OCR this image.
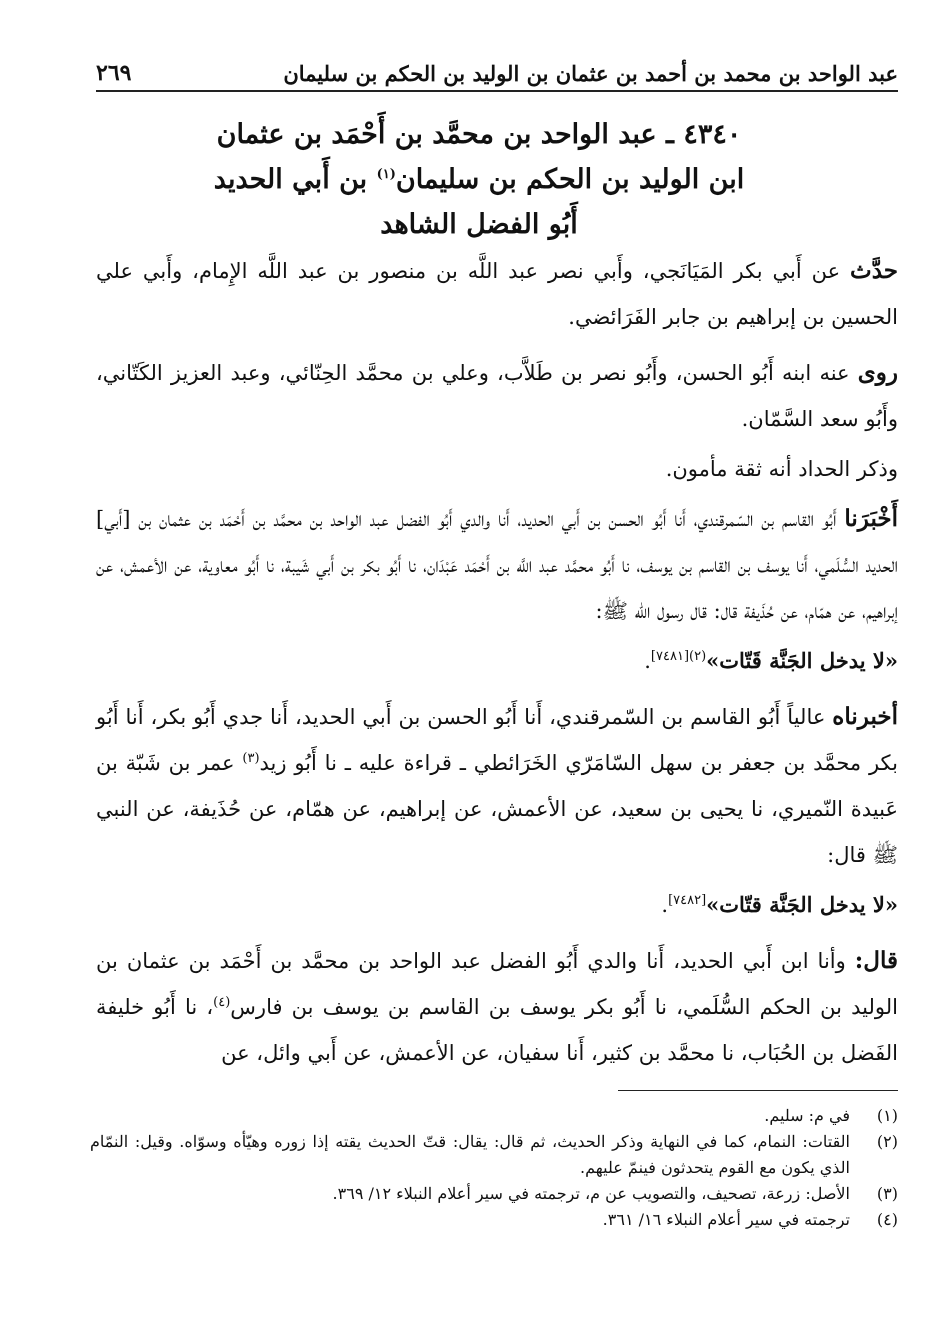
عبد الواحد بن محمد بن أحمد بن عثمان بن الوليد بن الحكم بن سليمان
٢٦٩
٤٣٤٠ ـ عبد الواحد بن محمَّد بن أَحْمَد بن عثمان
ابن الوليد بن الحكم بن سليمان$^{(١)}$ بن أَبي الحديد
أَبُو الفضل الشاهد

حدَّث عن أَبي بكر المَيَانَجي، وأَبي نصر عبد اللَّه بن منصور بن عبد اللَّه الإِمام، وأَبي علي الحسين بن إبراهيم بن جابر الفَرَائضي.

روى عنه ابنه أَبُو الحسن، وأَبُو نصر بن طَلاَّب، وعلي بن محمَّد الحِنّائي، وعبد العزيز الكَتّاني، وأَبُو سعد السَّمّان.

وذكر الحداد أنه ثقة مأمون.

أَخْبَرَنا أَبُو القاسم بن السّمرقندي، أَنا أَبُو الحسن بن أَبي الحديد، أَنا والدي أَبُو الفضل عبد الواحد بن محمَّد بن أَحْمَد بن عثمان بن [أَبي] الحديد السُّلَمي، أَنا يوسف بن القاسم بن يوسف، نا أَبُو محمَّد عبد اللَّه بن أَحْمَد عَبْدَان، نا أَبُو بكر بن أَبي شَيبة، نا أَبُو معاوية، عن الأعمش، عن إبراهيم، عن همّام، عن حُذَيفة قال: قال رسول الله ﷺ:

«لا يدخل الجَنَّة قَتّات»$^{(٢)[٧٤٨١]}$.

أخبرناه عالياً أَبُو القاسم بن السّمرقندي، أَنا أَبُو الحسن بن أَبي الحديد، أَنا جدي أَبُو بكر، أَنا أَبُو بكر محمَّد بن جعفر بن سهل السّامَرّي الخَرَائطي ـ قراءة عليه ـ نا أَبُو زيد$^{(٣)}$ عمر بن شَبّة بن عَبيدة النّميري، نا يحيى بن سعيد، عن الأعمش، عن إبراهيم، عن همّام، عن حُذَيفة، عن النبي ﷺ قال:

«لا يدخل الجَنَّة قتّات»[٧٤٨٢].

قال: وأنا ابن أَبي الحديد، أَنا والدي أَبُو الفضل عبد الواحد بن محمَّد بن أَحْمَد بن عثمان بن الوليد بن الحكم السُّلَمي، نا أَبُو بكر يوسف بن القاسم بن يوسف بن فارس$^{(٤)}$، نا أَبُو خليفة الفَضل بن الحُبَاب، نا محمَّد بن كثير، أَنا سفيان، عن الأعمش، عن أَبي وائل، عن

(١)
في م: سليم.
(٢)
القتات: النمام، كما في النهاية وذكر الحديث، ثم قال: يقال: قتّ الحديث يقته إذا زوره وهيّأه وسوّاه. وقيل: النمّام الذي يكون مع القوم يتحدثون فينمّ عليهم.
(٣)
الأصل: زرعة، تصحيف، والتصويب عن م، ترجمته في سير أعلام النبلاء ١٢/ ٣٦٩.
(٤)
ترجمته في سير أعلام النبلاء ١٦/ ٣٦١.
